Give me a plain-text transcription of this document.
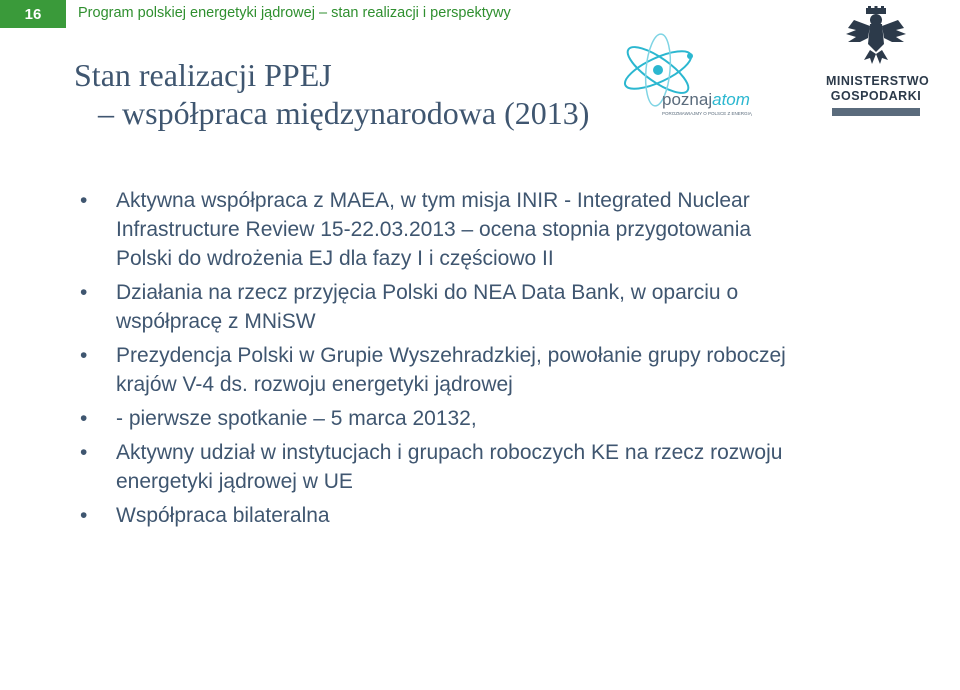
16	Program polskiej energetyki jądrowej – stan realizacji i perspektywy
Stan realizacji PPEJ
– współpraca międzynarodowa (2013)	poznajatom
POROZMAWIAJMY O POLSCE Z ENERGIĄ
MINISTERSTWO
GOSPODARKI
• Aktywna współpraca z MAEA, w tym misja INIR - Integrated Nuclear Infrastructure Review 15-22.03.2013 – ocena stopnia przygotowania Polski do wdrożenia EJ dla fazy I i częściowo II
• Działania na rzecz przyjęcia Polski do NEA Data Bank, w oparciu o współpracę z MNiSW
• Prezydencja Polski w Grupie Wyszehradzkiej, powołanie grupy roboczej krajów V-4 ds. rozwoju energetyki jądrowej
• - pierwsze spotkanie – 5 marca 20132,
• Aktywny udział w instytucjach i grupach roboczych KE na rzecz rozwoju energetyki jądrowej w UE
• Współpraca bilateralna
